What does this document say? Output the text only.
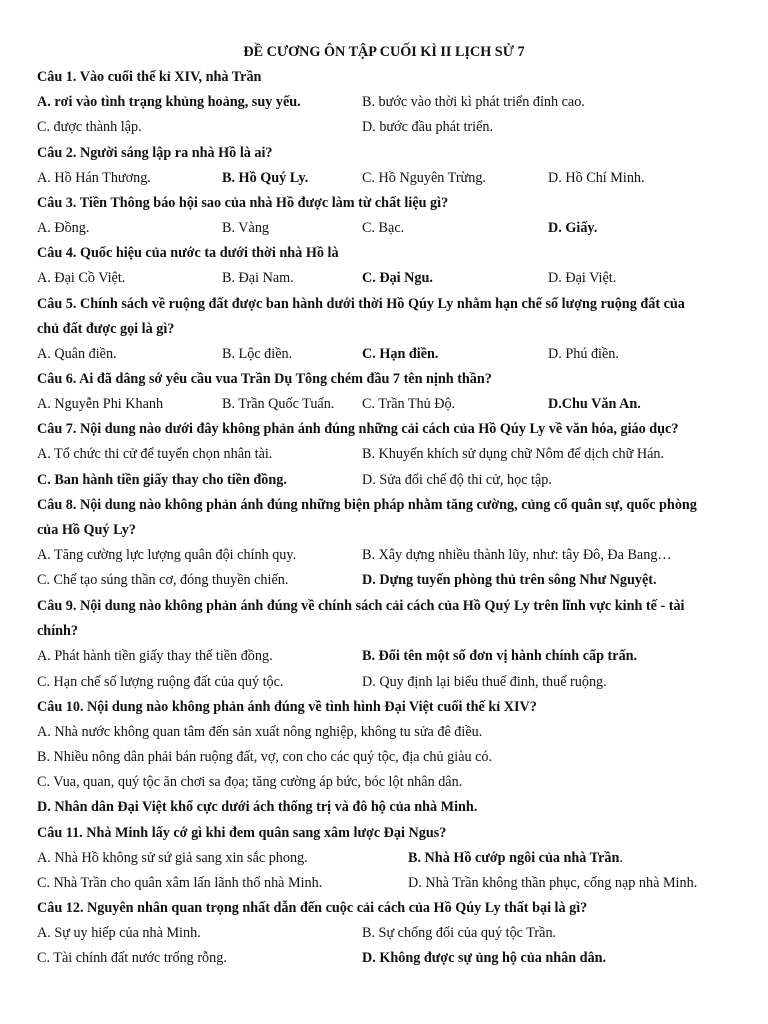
ĐỀ CƯƠNG ÔN TẬP CUỐI KÌ II LỊCH SỬ 7
Câu 1. Vào cuối thế kỉ XIV, nhà Trần
A. rơi vào tình trạng khủng hoảng, suy yếu.	B. bước vào thời kì phát triển đỉnh cao.
C. được thành lập.	D. bước đầu phát triển.
Câu 2. Người sáng lập ra nhà Hồ là ai?
A. Hồ Hán Thương.	B. Hồ Quý Ly.	C. Hồ Nguyên Trừng.	D. Hồ Chí Minh.
Câu 3. Tiền Thông báo hội sao của nhà Hồ được làm từ chất liệu gì?
A. Đồng.	B. Vàng	C. Bạc.	D. Giấy.
Câu 4. Quốc hiệu của nước ta dưới thời nhà Hồ là
A. Đại Cồ Việt.	B. Đại Nam.	C. Đại Ngu.	D. Đại Việt.
Câu 5. Chính sách về ruộng đất được ban hành dưới thời Hồ Qúy Ly nhằm hạn chế số lượng ruộng đất của
chủ đất được gọi là gì?
A. Quân điền.	B. Lộc điền.	C. Hạn điền.	D. Phú điền.
Câu 6. Ai đã dâng sớ yêu cầu vua Trần Dụ Tông chém đầu 7 tên nịnh thần?
A. Nguyễn Phi Khanh	B. Trần Quốc Tuấn. C. Trần Thủ Độ.	D.Chu Văn An.
Câu 7. Nội dung nào dưới đây không phản ánh đúng những cải cách của Hồ Qúy Ly về văn hóa, giáo dục?
A. Tổ chức thi cử để tuyển chọn nhân tài.	B. Khuyến khích sử dụng chữ Nôm để dịch chữ Hán.
C. Ban hành tiền giấy thay cho tiền đồng.	D. Sửa đổi chế độ thi cử, học tập.
Câu 8. Nội dung nào không phản ánh đúng những biện pháp nhằm tăng cường, củng cố quân sự, quốc phòng
của Hồ Quý Ly?
A. Tăng cường lực lượng quân đội chính quy.	B. Xây dựng nhiều thành lũy, như: tây Đô, Đa Bang…
C. Chế tạo súng thần cơ, đóng thuyền chiến.	D. Dựng tuyến phòng thủ trên sông Như Nguyệt.
Câu 9. Nội dung nào không phản ánh đúng về chính sách cải cách của Hồ Quý Ly trên lĩnh vực kinh tế - tài
chính?
A. Phát hành tiền giấy thay thế tiền đồng.	B. Đổi tên một số đơn vị hành chính cấp trấn.
C. Hạn chế số lượng ruộng đất của quý tộc.	D. Quy định lại biểu thuế đinh, thuế ruộng.
Câu 10. Nội dung nào không phản ánh đúng về tình hình Đại Việt cuối thế kỉ XIV?
A. Nhà nước không quan tâm đến sản xuất nông nghiệp, không tu sửa đê điều.
B. Nhiều nông dân phải bán ruộng đất, vợ, con cho các quý tộc, địa chủ giàu có.
C. Vua, quan, quý tộc ăn chơi sa đọa; tăng cường áp bức, bóc lột nhân dân.
D. Nhân dân Đại Việt khổ cực dưới ách thống trị và đô hộ của nhà Minh.
Câu 11. Nhà Minh lấy cớ gì khi đem quân sang xâm lược Đại Ngus?
A. Nhà Hồ không sử sứ giả sang xin sắc phong.	B. Nhà Hồ cướp ngôi của nhà Trần.
C. Nhà Trần cho quân xâm lấn lãnh thổ nhà Minh.	D. Nhà Trần không thần phục, cống nạp nhà Minh.
Câu 12. Nguyên nhân quan trọng nhất dẫn đến cuộc cải cách của Hồ Qúy Ly thất bại là gì?
A. Sự uy hiếp của nhà Minh.	B. Sự chống đối của quý tộc Trần.
C. Tài chính đất nước trống rỗng.	D. Không được sự ủng hộ của nhân dân.
